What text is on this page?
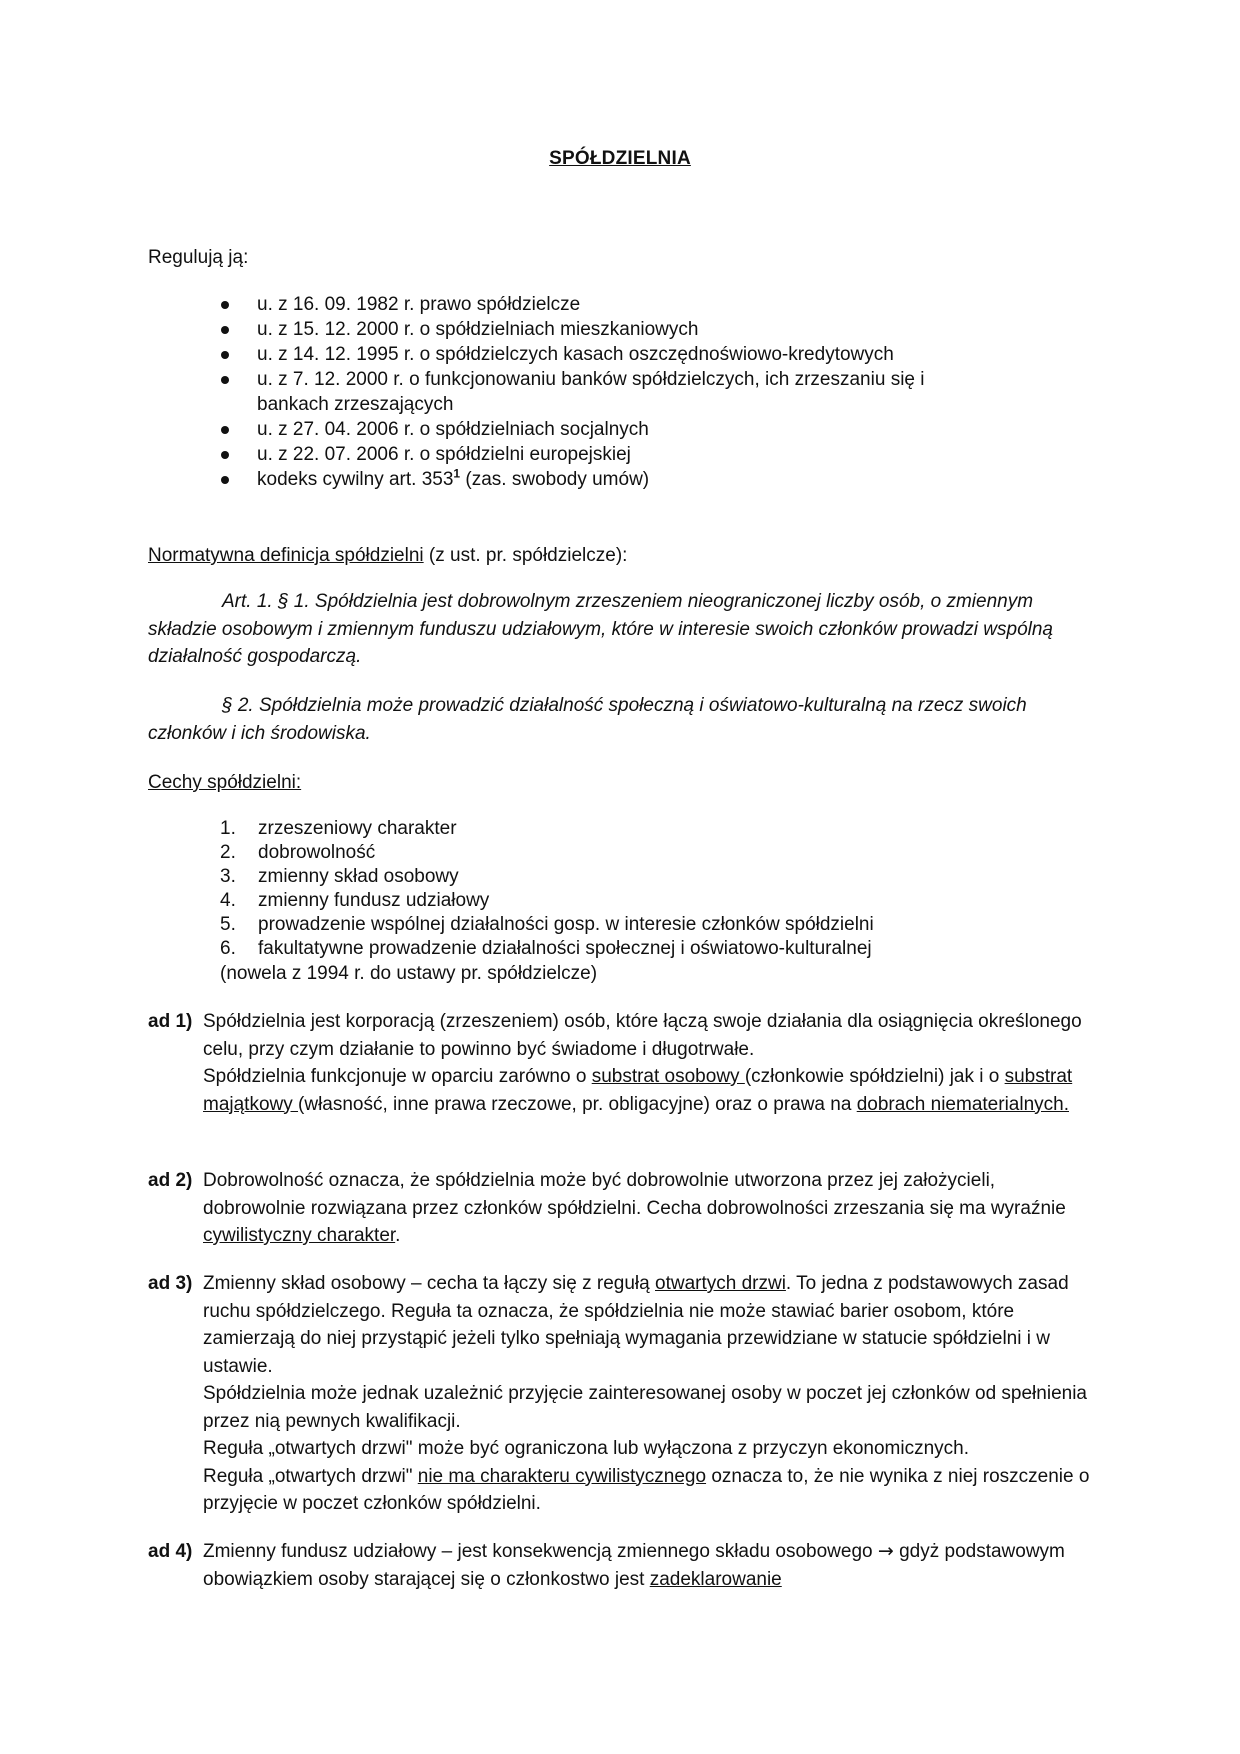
SPÓŁDZIELNIA
Regulują ją:
u. z 16. 09. 1982 r. prawo spółdzielcze
u. z 15. 12. 2000 r. o spółdzielniach mieszkaniowych
u. z 14. 12. 1995 r. o spółdzielczych kasach oszczędnoświowo-kredytowych
u. z 7. 12. 2000 r. o funkcjonowaniu banków spółdzielczych, ich zrzeszaniu się i
bankach zrzeszających
u. z 27. 04. 2006 r. o spółdzielniach socjalnych
u. z 22. 07. 2006 r. o spółdzielni europejskiej
kodeks cywilny art. $353^1$ (zas. swobody umów)
Normatywna definicja spółdzielni (z ust. pr. spółdzielcze):
Art. 1. § 1. Spółdzielnia jest dobrowolnym zrzeszeniem nieograniczonej liczby osób, o zmiennym składzie osobowym i zmiennym funduszu udziałowym, które w interesie swoich członków prowadzi wspólną działalność gospodarczą.
§ 2. Spółdzielnia może prowadzić działalność społeczną i oświatowo-kulturalną na rzecz swoich członków i ich środowiska.
Cechy spółdzielni:
1. zrzeszeniowy charakter
2. dobrowolność
3. zmienny skład osobowy
4. zmienny fundusz udziałowy
5. prowadzenie wspólnej działalności gosp. w interesie członków spółdzielni
6. fakultatywne prowadzenie działalności społecznej i oświatowo-kulturalnej
(nowela z 1994 r. do ustawy pr. spółdzielcze)
ad 1) Spółdzielnia jest korporacją (zrzeszeniem) osób, które łączą swoje działania dla osiągnięcia określonego celu, przy czym działanie to powinno być świadome i długotrwałe.

Spółdzielnia funkcjonuje w oparciu zarówno o substrat osobowy (członkowie spółdzielni) jak i o substrat majątkowy (własność, inne prawa rzeczowe, pr. obligacyjne) oraz o prawa na dobrach niematerialnych.

ad 2) Dobrowolność oznacza, że spółdzielnia może być dobrowolnie utworzona przez jej założycieli, dobrowolnie rozwiązana przez członków spółdzielni. Cecha dobrowolności zrzeszania się ma wyraźnie cywilistyczny charakter.

ad 3) Zmienny skład osobowy – cecha ta łączy się z regułą otwartych drzwi. To jedna z podstawowych zasad ruchu spółdzielczego. Reguła ta oznacza, że spółdzielnia nie może stawiać barier osobom, które zamierzają do niej przystąpić jeżeli tylko spełniają wymagania przewidziane w statucie spółdzielni i w ustawie.

Spółdzielnia może jednak uzależnić przyjęcie zainteresowanej osoby w poczet jej członków od spełnienia przez nią pewnych kwalifikacji.

Reguła „otwartych drzwi" może być ograniczona lub wyłączona z przyczyn ekonomicznych.

Reguła „otwartych drzwi" nie ma charakteru cywilistycznego oznacza to, że nie wynika z niej roszczenie o przyjęcie w poczet członków spółdzielni.

ad 4) Zmienny fundusz udziałowy – jest konsekwencją zmiennego składu osobowego → gdyż podstawowym obowiązkiem osoby starającej się o członkostwo jest zadeklarowanie
